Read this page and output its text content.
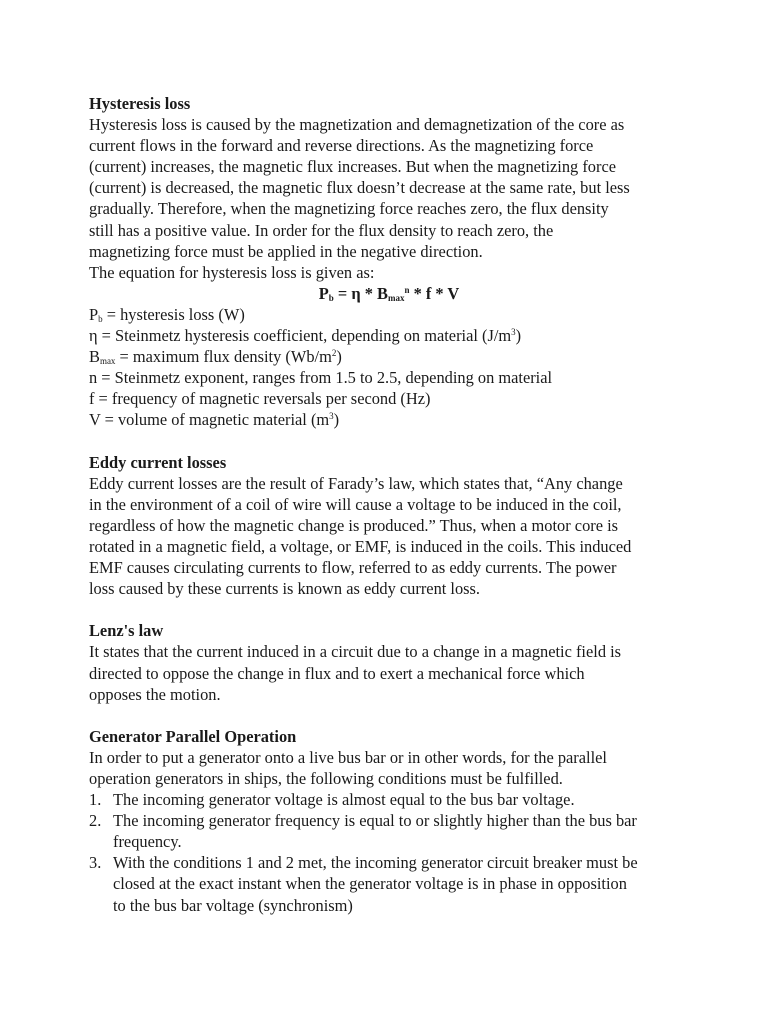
Hysteresis loss

Hysteresis loss is caused by the magnetization and demagnetization of the core as

current flows in the forward and reverse directions. As the magnetizing force

(current) increases, the magnetic flux increases. But when the magnetizing force

(current) is decreased, the magnetic flux doesn’t decrease at the same rate, but less

gradually. Therefore, when the magnetizing force reaches zero, the flux density

still has a positive value. In order for the flux density to reach zero, the

magnetizing force must be applied in the negative direction.

The equation for hysteresis loss is given as:

$P_b = \eta * B_{max}^n * f * V$

$P_b$ = hysteresis loss (W)

η = Steinmetz hysteresis coefficient, depending on material $(J/m^3)$

$B_{max}$ = maximum flux density $(Wb/m^2)$

n = Steinmetz exponent, ranges from 1.5 to 2.5, depending on material

f = frequency of magnetic reversals per second (Hz)

V = volume of magnetic material $(m^3)$

Eddy current losses

Eddy current losses are the result of Farady’s law, which states that, “Any change

in the environment of a coil of wire will cause a voltage to be induced in the coil,

regardless of how the magnetic change is produced.” Thus, when a motor core is

rotated in a magnetic field, a voltage, or EMF, is induced in the coils. This induced

EMF causes circulating currents to flow, referred to as eddy currents. The power

loss caused by these currents is known as eddy current loss.

Lenz's law

It states that the current induced in a circuit due to a change in a magnetic field is

directed to oppose the change in flux and to exert a mechanical force which

opposes the motion.

Generator Parallel Operation

In order to put a generator onto a live bus bar or in other words, for the parallel

operation generators in ships, the following conditions must be fulfilled.

1. The incoming generator voltage is almost equal to the bus bar voltage.
2. The incoming generator frequency is equal to or slightly higher than the bus bar
frequency.
3. With the conditions 1 and 2 met, the incoming generator circuit breaker must be
closed at the exact instant when the generator voltage is in phase in opposition
to the bus bar voltage (synchronism)
